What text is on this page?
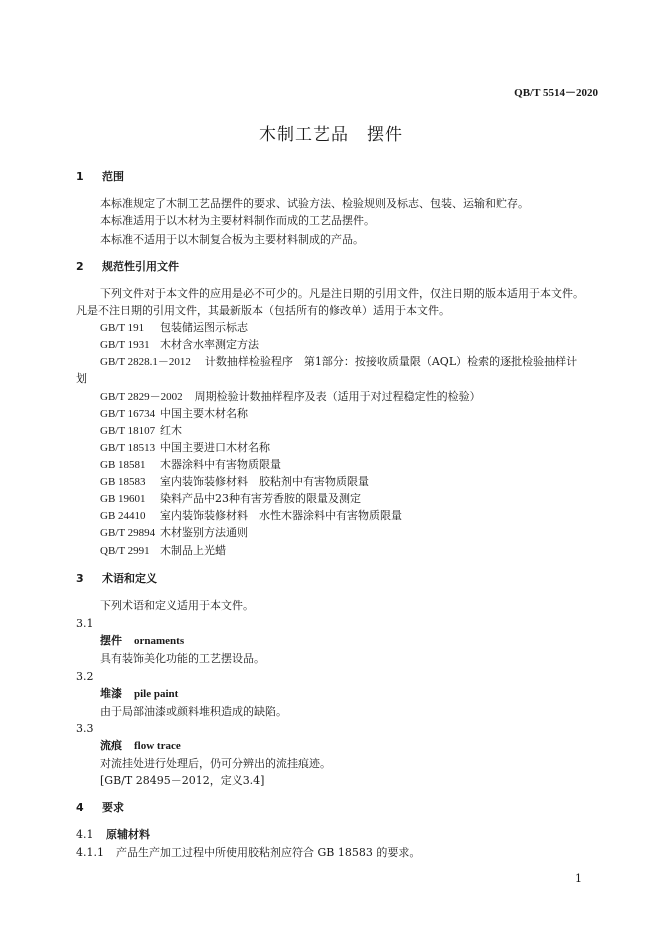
QB/T 5514－2020
木制工艺品　摆件
1 范围
本标准规定了木制工艺品摆件的要求、试验方法、检验规则及标志、包装、运输和贮存。
本标准适用于以木材为主要材料制作而成的工艺品摆件。
本标准不适用于以木制复合板为主要材料制成的产品。
2 规范性引用文件
下列文件对于本文件的应用是必不可少的。凡是注日期的引用文件，仅注日期的版本适用于本文件。
凡是不注日期的引用文件，其最新版本（包括所有的修改单）适用于本文件。
GB/T 191 包装储运图示标志
GB/T 1931 木材含水率测定方法
GB/T 2828.1－2012 计数抽样检验程序　第1部分：按接收质量限（AQL）检索的逐批检验抽样计
划
GB/T 2829－2002 周期检验计数抽样程序及表（适用于对过程稳定性的检验）
GB/T 16734 中国主要木材名称
GB/T 18107 红木
GB/T 18513 中国主要进口木材名称
GB 18581 木器涂料中有害物质限量
GB 18583 室内装饰装修材料　胶粘剂中有害物质限量
GB 19601 染料产品中23种有害芳香胺的限量及测定
GB 24410 室内装饰装修材料　水性木器涂料中有害物质限量
GB/T 29894 木材鉴别方法通则
QB/T 2991 木制品上光蜡
3 术语和定义
下列术语和定义适用于本文件。
3.1
摆件 ornaments
具有装饰美化功能的工艺摆设品。
3.2
堆漆 pile paint
由于局部油漆或颜料堆积造成的缺陷。
3.3
流痕 flow trace
对流挂处进行处理后，仍可分辨出的流挂痕迹。
[GB/T 28495－2012，定义3.4]
4 要求
4.1 原辅材料
4.1.1 产品生产加工过程中所使用胶粘剂应符合 GB 18583 的要求。
1
